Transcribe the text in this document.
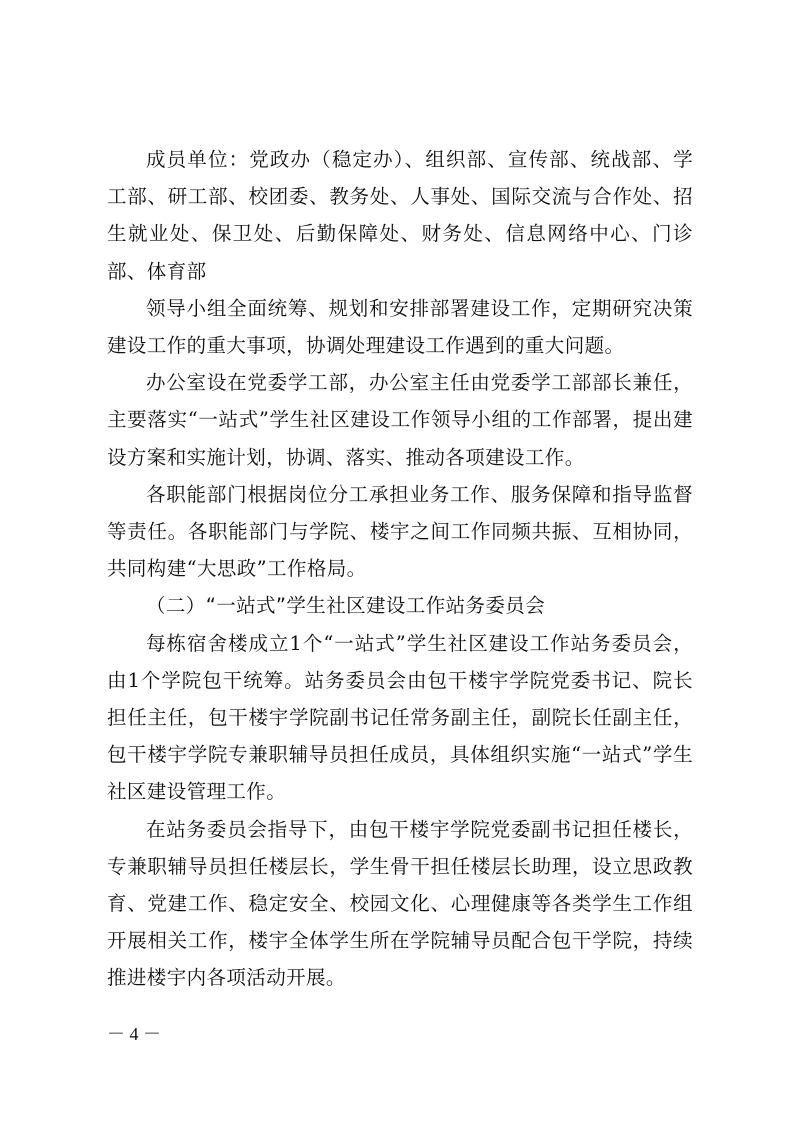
成员单位：党政办（稳定办）、组织部、宣传部、统战部、学工部、研工部、校团委、教务处、人事处、国际交流与合作处、招生就业处、保卫处、后勤保障处、财务处、信息网络中心、门诊部、体育部

领导小组全面统筹、规划和安排部署建设工作，定期研究决策建设工作的重大事项，协调处理建设工作遇到的重大问题。

办公室设在党委学工部，办公室主任由党委学工部部长兼任，主要落实“一站式”学生社区建设工作领导小组的工作部署，提出建设方案和实施计划，协调、落实、推动各项建设工作。

各职能部门根据岗位分工承担业务工作、服务保障和指导监督等责任。各职能部门与学院、楼宇之间工作同频共振、互相协同，共同构建“大思政”工作格局。

（二）“一站式”学生社区建设工作站务委员会

每栋宿舍楼成立1个“一站式”学生社区建设工作站务委员会，由1个学院包干统筹。站务委员会由包干楼宇学院党委书记、院长担任主任，包干楼宇学院副书记任常务副主任，副院长任副主任，包干楼宇学院专兼职辅导员担任成员，具体组织实施“一站式”学生社区建设管理工作。

在站务委员会指导下，由包干楼宇学院党委副书记担任楼长，专兼职辅导员担任楼层长，学生骨干担任楼层长助理，设立思政教育、党建工作、稳定安全、校园文化、心理健康等各类学生工作组开展相关工作，楼宇全体学生所在学院辅导员配合包干学院，持续推进楼宇内各项活动开展。

－ 4 －
